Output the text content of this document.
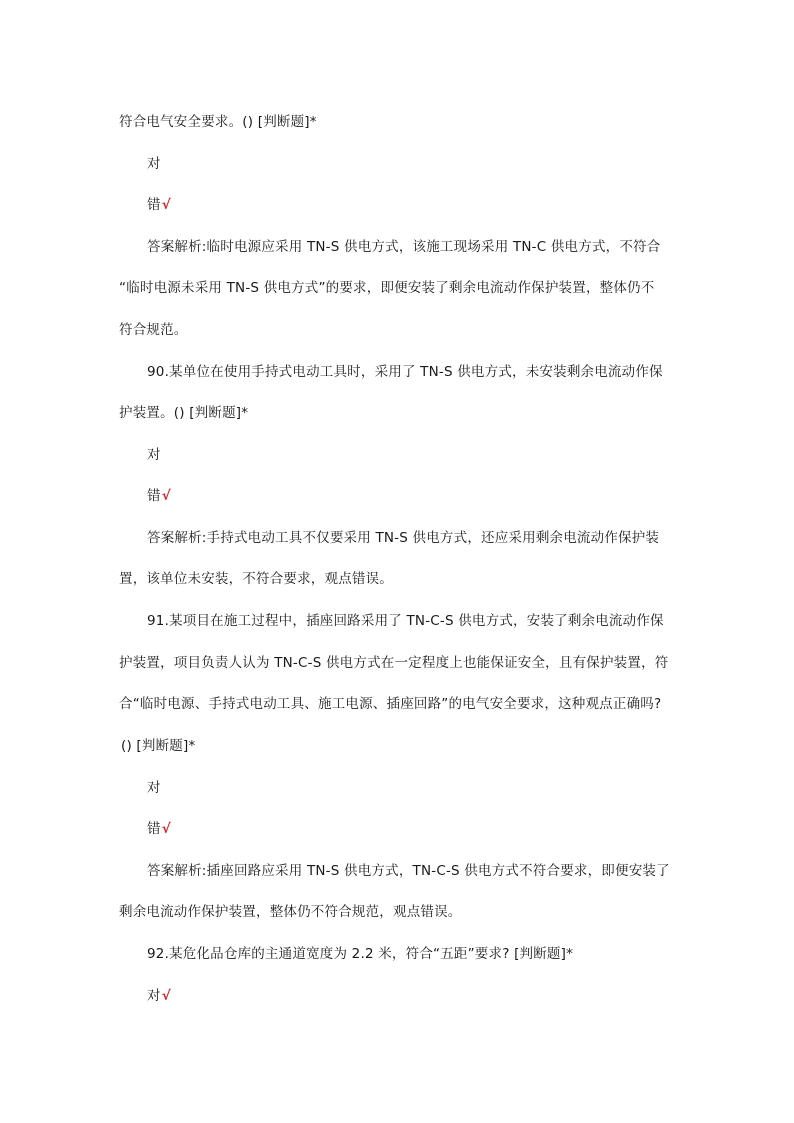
符合电气安全要求。() [判断题]*
对
错√
答案解析:临时电源应采用 TN-S 供电方式，该施工现场采用 TN-C 供电方式，不符合
“临时电源未采用 TN-S 供电方式”的要求，即便安装了剩余电流动作保护装置，整体仍不
符合规范。
90.某单位在使用手持式电动工具时，采用了 TN-S 供电方式，未安装剩余电流动作保
护装置。() [判断题]*
对
错√
答案解析:手持式电动工具不仅要采用 TN-S 供电方式，还应采用剩余电流动作保护装
置，该单位未安装，不符合要求，观点错误。
91.某项目在施工过程中，插座回路采用了 TN-C-S 供电方式，安装了剩余电流动作保
护装置，项目负责人认为 TN-C-S 供电方式在一定程度上也能保证安全，且有保护装置，符
合“临时电源、手持式电动工具、施工电源、插座回路”的电气安全要求，这种观点正确吗?
() [判断题]*
对
错√
答案解析:插座回路应采用 TN-S 供电方式，TN-C-S 供电方式不符合要求，即便安装了
剩余电流动作保护装置，整体仍不符合规范，观点错误。
92.某危化品仓库的主通道宽度为 2.2 米，符合“五距”要求? [判断题]*
对√
